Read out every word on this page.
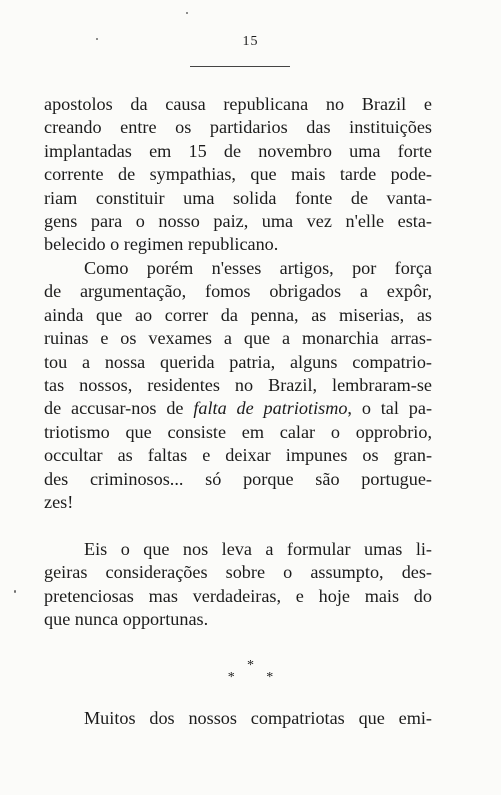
15
apostolos da causa republicana no Brazil e
creando entre os partidarios das instituições
implantadas em 15 de novembro uma forte
corrente de sympathias, que mais tarde pode-
riam constituir uma solida fonte de vanta-
gens para o nosso paiz, uma vez n'elle esta-
belecido o regimen republicano.
Como porém n'esses artigos, por força
de argumentação, fomos obrigados a expôr,
ainda que ao correr da penna, as miserias, as
ruinas e os vexames a que a monarchia arras-
tou a nossa querida patria, alguns compatrio-
tas nossos, residentes no Brazil, lembraram-se
de accusar-nos de falta de patriotismo, o tal pa-
triotismo que consiste em calar o opprobrio,
occultar as faltas e deixar impunes os gran-
des criminosos... só porque são portugue-
zes!
Eis o que nos leva a formular umas li-
geiras considerações sobre o assumpto, des-
pretenciosas mas verdadeiras, e hoje mais do
que nunca opportunas.
*
* *
Muitos dos nossos compatriotas que emi-
